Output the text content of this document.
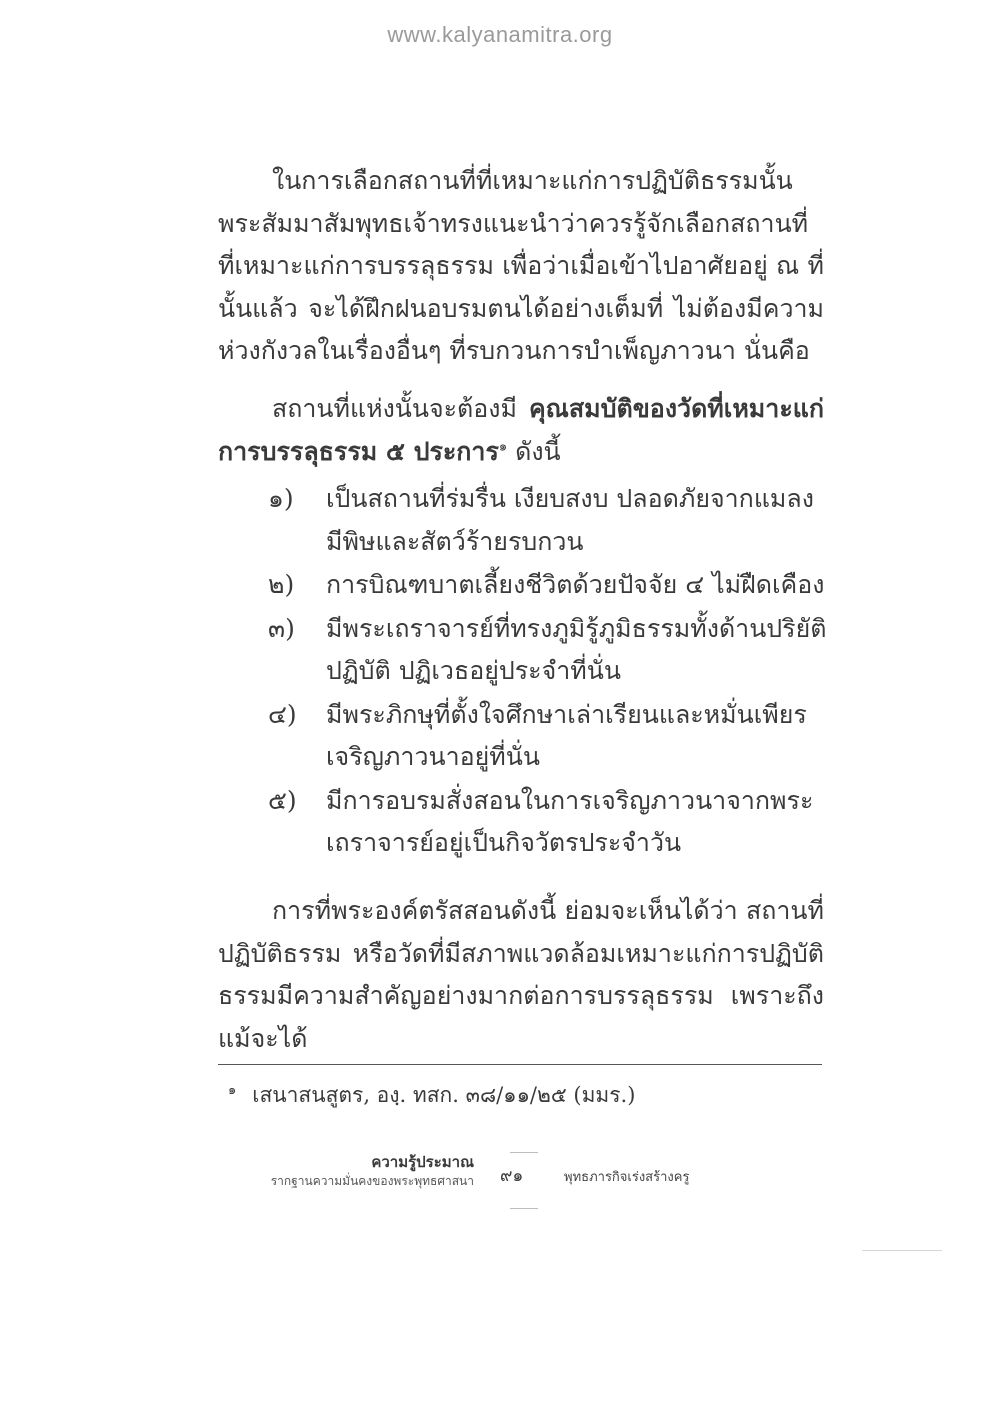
www.kalyanamitra.org

ในการเลือกสถานที่ที่เหมาะแก่การปฏิบัติธรรมนั้น พระสัมมาสัมพุทธเจ้าทรงแนะนำว่าควรรู้จักเลือกสถานที่ที่เหมาะแก่การบรรลุธรรม เพื่อว่าเมื่อเข้าไปอาศัยอยู่ ณ ที่นั้นแล้ว จะได้ฝึกฝนอบรมตนได้อย่างเต็มที่ ไม่ต้องมีความห่วงกังวลในเรื่องอื่นๆ ที่รบกวนการบำเพ็ญภาวนา นั่นคือ

สถานที่แห่งนั้นจะต้องมี คุณสมบัติของวัดที่เหมาะแก่การบรรลุธรรม ๕ ประการ$^๑$ ดังนี้

๑)	เป็นสถานที่ร่มรื่น เงียบสงบ ปลอดภัยจากแมลงมีพิษและสัตว์ร้ายรบกวน
๒)	การบิณฑบาตเลี้ยงชีวิตด้วยปัจจัย ๔ ไม่ฝืดเคือง
๓)	มีพระเถราจารย์ที่ทรงภูมิรู้ภูมิธรรมทั้งด้านปริยัติ ปฏิบัติ ปฏิเวธอยู่ประจำที่นั่น
๔)	มีพระภิกษุที่ตั้งใจศึกษาเล่าเรียนและหมั่นเพียรเจริญภาวนาอยู่ที่นั่น
๕)	มีการอบรมสั่งสอนในการเจริญภาวนาจากพระเถราจารย์อยู่เป็นกิจวัตรประจำวัน

การที่พระองค์ตรัสสอนดังนี้ ย่อมจะเห็นได้ว่า สถานที่ปฏิบัติธรรม หรือวัดที่มีสภาพแวดล้อมเหมาะแก่การปฏิบัติธรรมมีความสำคัญอย่างมากต่อการบรรลุธรรม เพราะถึงแม้จะได้

$^๑$ เสนาสนสูตร, องฺ. ทสก. ๓๘/๑๑/๒๕ (มมร.)
ความรู้ประมาณ
รากฐานความมั่นคงของพระพุทธศาสนา ๙๑	พุทธภารกิจเร่งสร้างครู
